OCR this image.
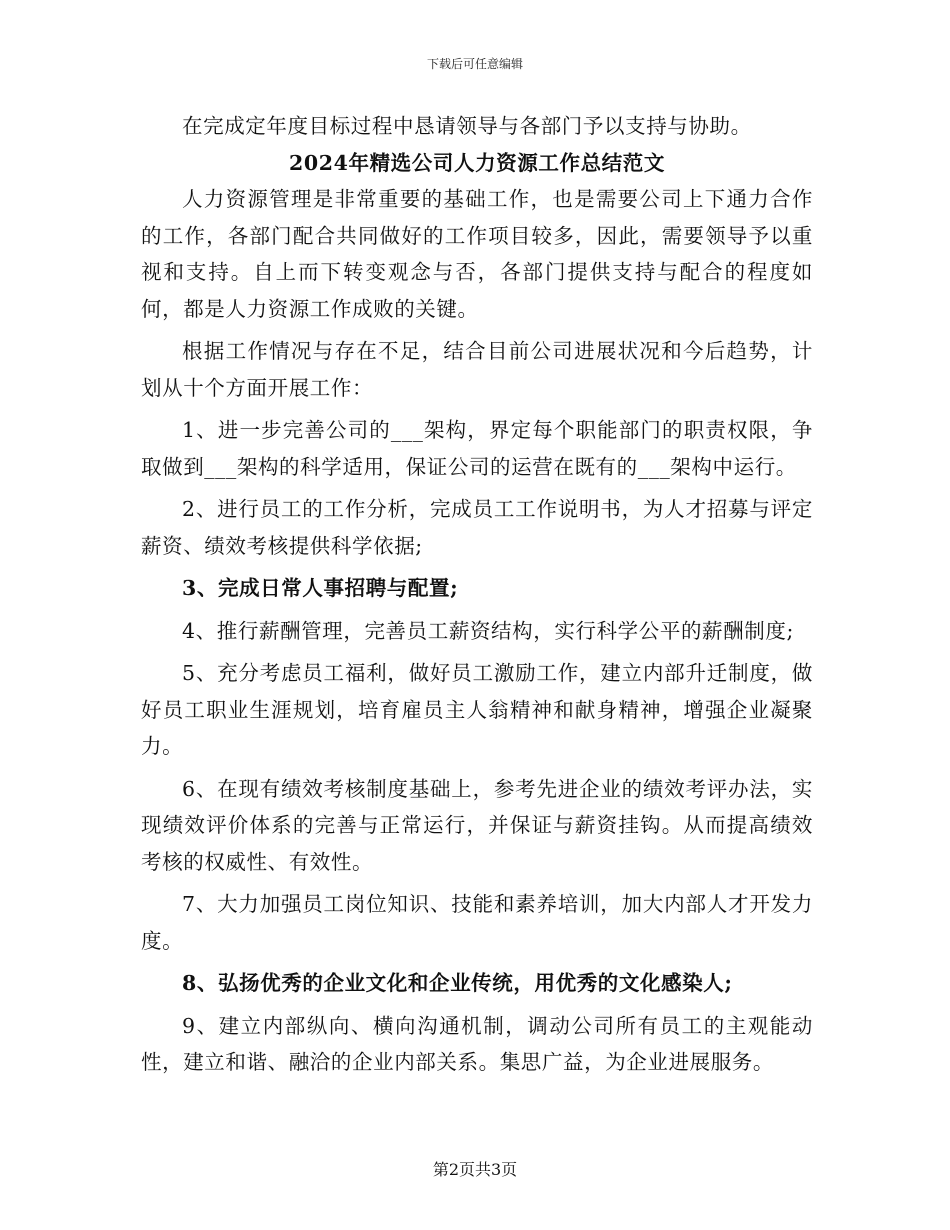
下载后可任意编辑

在完成定年度目标过程中恳请领导与各部门予以支持与协助。

2024年精选公司人力资源工作总结范文

人力资源管理是非常重要的基础工作，也是需要公司上下通力合作的工作，各部门配合共同做好的工作项目较多，因此，需要领导予以重视和支持。自上而下转变观念与否，各部门提供支持与配合的程度如何，都是人力资源工作成败的关键。

根据工作情况与存在不足，结合目前公司进展状况和今后趋势，计划从十个方面开展工作：

1、进一步完善公司的___架构，界定每个职能部门的职责权限，争取做到___架构的科学适用，保证公司的运营在既有的___架构中运行。

2、进行员工的工作分析，完成员工工作说明书，为人才招募与评定薪资、绩效考核提供科学依据;

3、完成日常人事招聘与配置;

4、推行薪酬管理，完善员工薪资结构，实行科学公平的薪酬制度;

5、充分考虑员工福利，做好员工激励工作，建立内部升迁制度，做好员工职业生涯规划，培育雇员主人翁精神和献身精神，增强企业凝聚力。

6、在现有绩效考核制度基础上，参考先进企业的绩效考评办法，实现绩效评价体系的完善与正常运行，并保证与薪资挂钩。从而提高绩效考核的权威性、有效性。

7、大力加强员工岗位知识、技能和素养培训，加大内部人才开发力度。

8、弘扬优秀的企业文化和企业传统，用优秀的文化感染人;

9、建立内部纵向、横向沟通机制，调动公司所有员工的主观能动性，建立和谐、融洽的企业内部关系。集思广益，为企业进展服务。

第2页共3页
